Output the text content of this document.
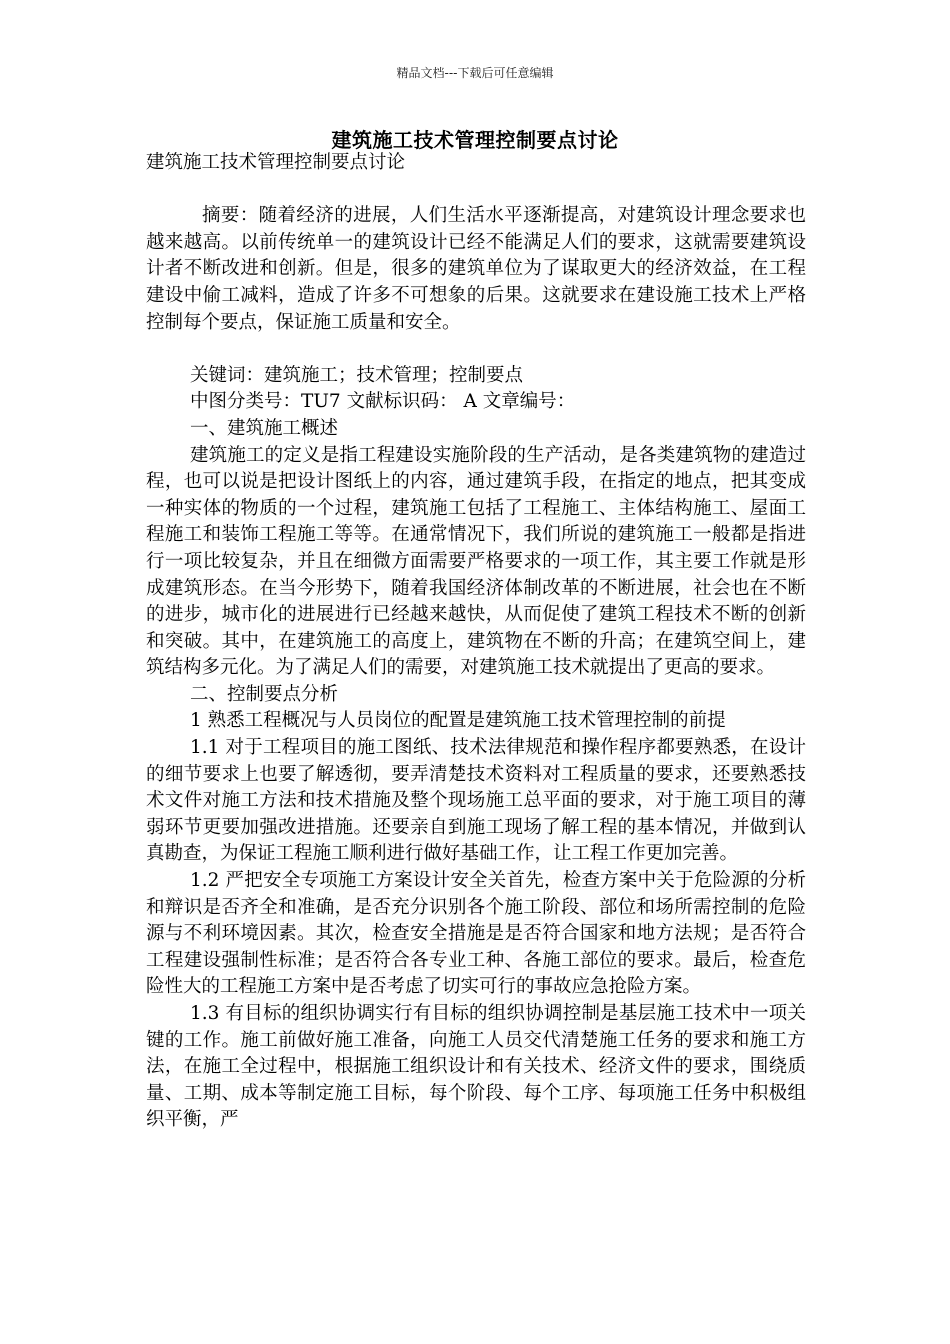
精品文档---下载后可任意编辑
建筑施工技术管理控制要点讨论

建筑施工技术管理控制要点讨论

摘要：随着经济的进展，人们生活水平逐渐提高，对建筑设计理念要求也越来越高。以前传统单一的建筑设计已经不能满足人们的要求，这就需要建筑设计者不断改进和创新。但是，很多的建筑单位为了谋取更大的经济效益，在工程建设中偷工减料，造成了许多不可想象的后果。这就要求在建设施工技术上严格控制每个要点，保证施工质量和安全。

关键词：建筑施工；技术管理；控制要点

中图分类号：TU7 文献标识码： A 文章编号：

一、建筑施工概述

建筑施工的定义是指工程建设实施阶段的生产活动，是各类建筑物的建造过程，也可以说是把设计图纸上的内容，通过建筑手段，在指定的地点，把其变成一种实体的物质的一个过程，建筑施工包括了工程施工、主体结构施工、屋面工程施工和装饰工程施工等等。在通常情况下，我们所说的建筑施工一般都是指进行一项比较复杂，并且在细微方面需要严格要求的一项工作，其主要工作就是形成建筑形态。在当今形势下，随着我国经济体制改革的不断进展，社会也在不断的进步，城市化的进展进行已经越来越快，从而促使了建筑工程技术不断的创新和突破。其中，在建筑施工的高度上，建筑物在不断的升高；在建筑空间上，建筑结构多元化。为了满足人们的需要，对建筑施工技术就提出了更高的要求。

二、控制要点分析

1 熟悉工程概况与人员岗位的配置是建筑施工技术管理控制的前提

1.1 对于工程项目的施工图纸、技术法律规范和操作程序都要熟悉，在设计的细节要求上也要了解透彻，要弄清楚技术资料对工程质量的要求，还要熟悉技术文件对施工方法和技术措施及整个现场施工总平面的要求，对于施工项目的薄弱环节更要加强改进措施。还要亲自到施工现场了解工程的基本情况，并做到认真勘查，为保证工程施工顺利进行做好基础工作，让工程工作更加完善。

1.2 严把安全专项施工方案设计安全关首先，检查方案中关于危险源的分析和辩识是否齐全和准确，是否充分识别各个施工阶段、部位和场所需控制的危险源与不利环境因素。其次，检查安全措施是是否符合国家和地方法规；是否符合工程建设强制性标准；是否符合各专业工种、各施工部位的要求。最后，检查危险性大的工程施工方案中是否考虑了切实可行的事故应急抢险方案。

1.3 有目标的组织协调实行有目标的组织协调控制是基层施工技术中一项关键的工作。施工前做好施工准备，向施工人员交代清楚施工任务的要求和施工方法，在施工全过程中，根据施工组织设计和有关技术、经济文件的要求，围绕质量、工期、成本等制定施工目标，每个阶段、每个工序、每项施工任务中积极组织平衡，严
